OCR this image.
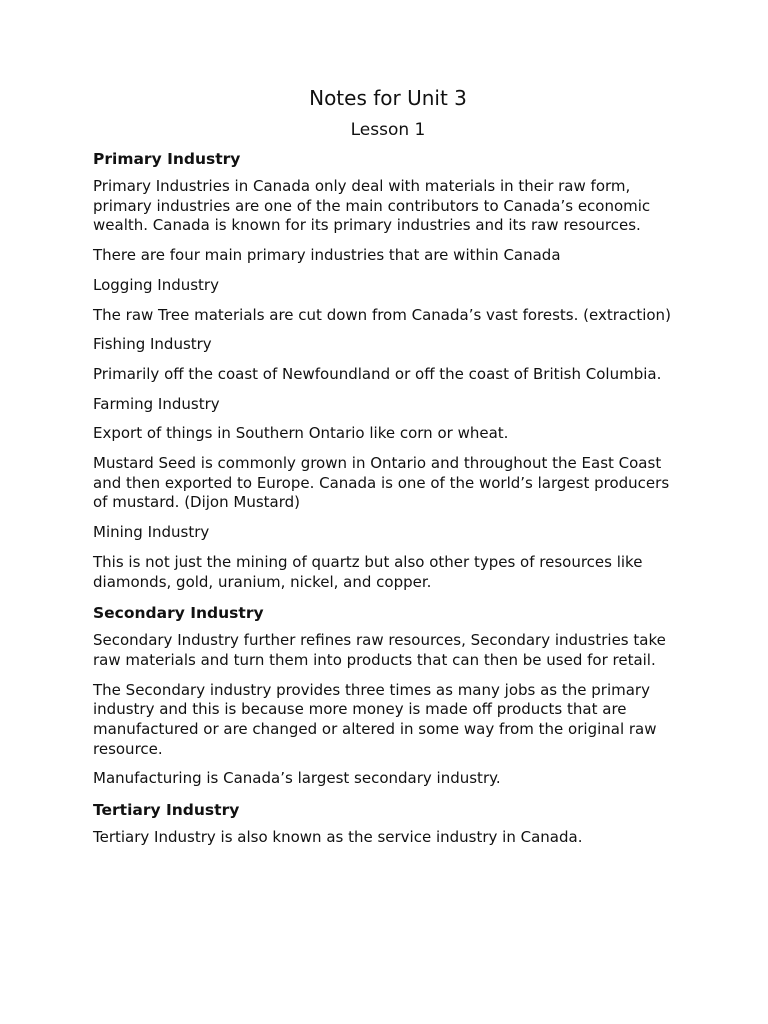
Notes for Unit 3
Lesson 1
Primary Industry

Primary Industries in Canada only deal with materials in their raw form, primary industries are one of the main contributors to Canada’s economic wealth. Canada is known for its primary industries and its raw resources.

There are four main primary industries that are within Canada

Logging Industry

The raw Tree materials are cut down from Canada’s vast forests. (extraction)

Fishing Industry

Primarily off the coast of Newfoundland or off the coast of British Columbia.

Farming Industry

Export of things in Southern Ontario like corn or wheat.

Mustard Seed is commonly grown in Ontario and throughout the East Coast and then exported to Europe. Canada is one of the world’s largest producers of mustard. (Dijon Mustard)

Mining Industry

This is not just the mining of quartz but also other types of resources like diamonds, gold, uranium, nickel, and copper.

Secondary Industry

Secondary Industry further refines raw resources, Secondary industries take raw materials and turn them into products that can then be used for retail.

The Secondary industry provides three times as many jobs as the primary industry and this is because more money is made off products that are manufactured or are changed or altered in some way from the original raw resource.

Manufacturing is Canada’s largest secondary industry.

Tertiary Industry

Tertiary Industry is also known as the service industry in Canada.
